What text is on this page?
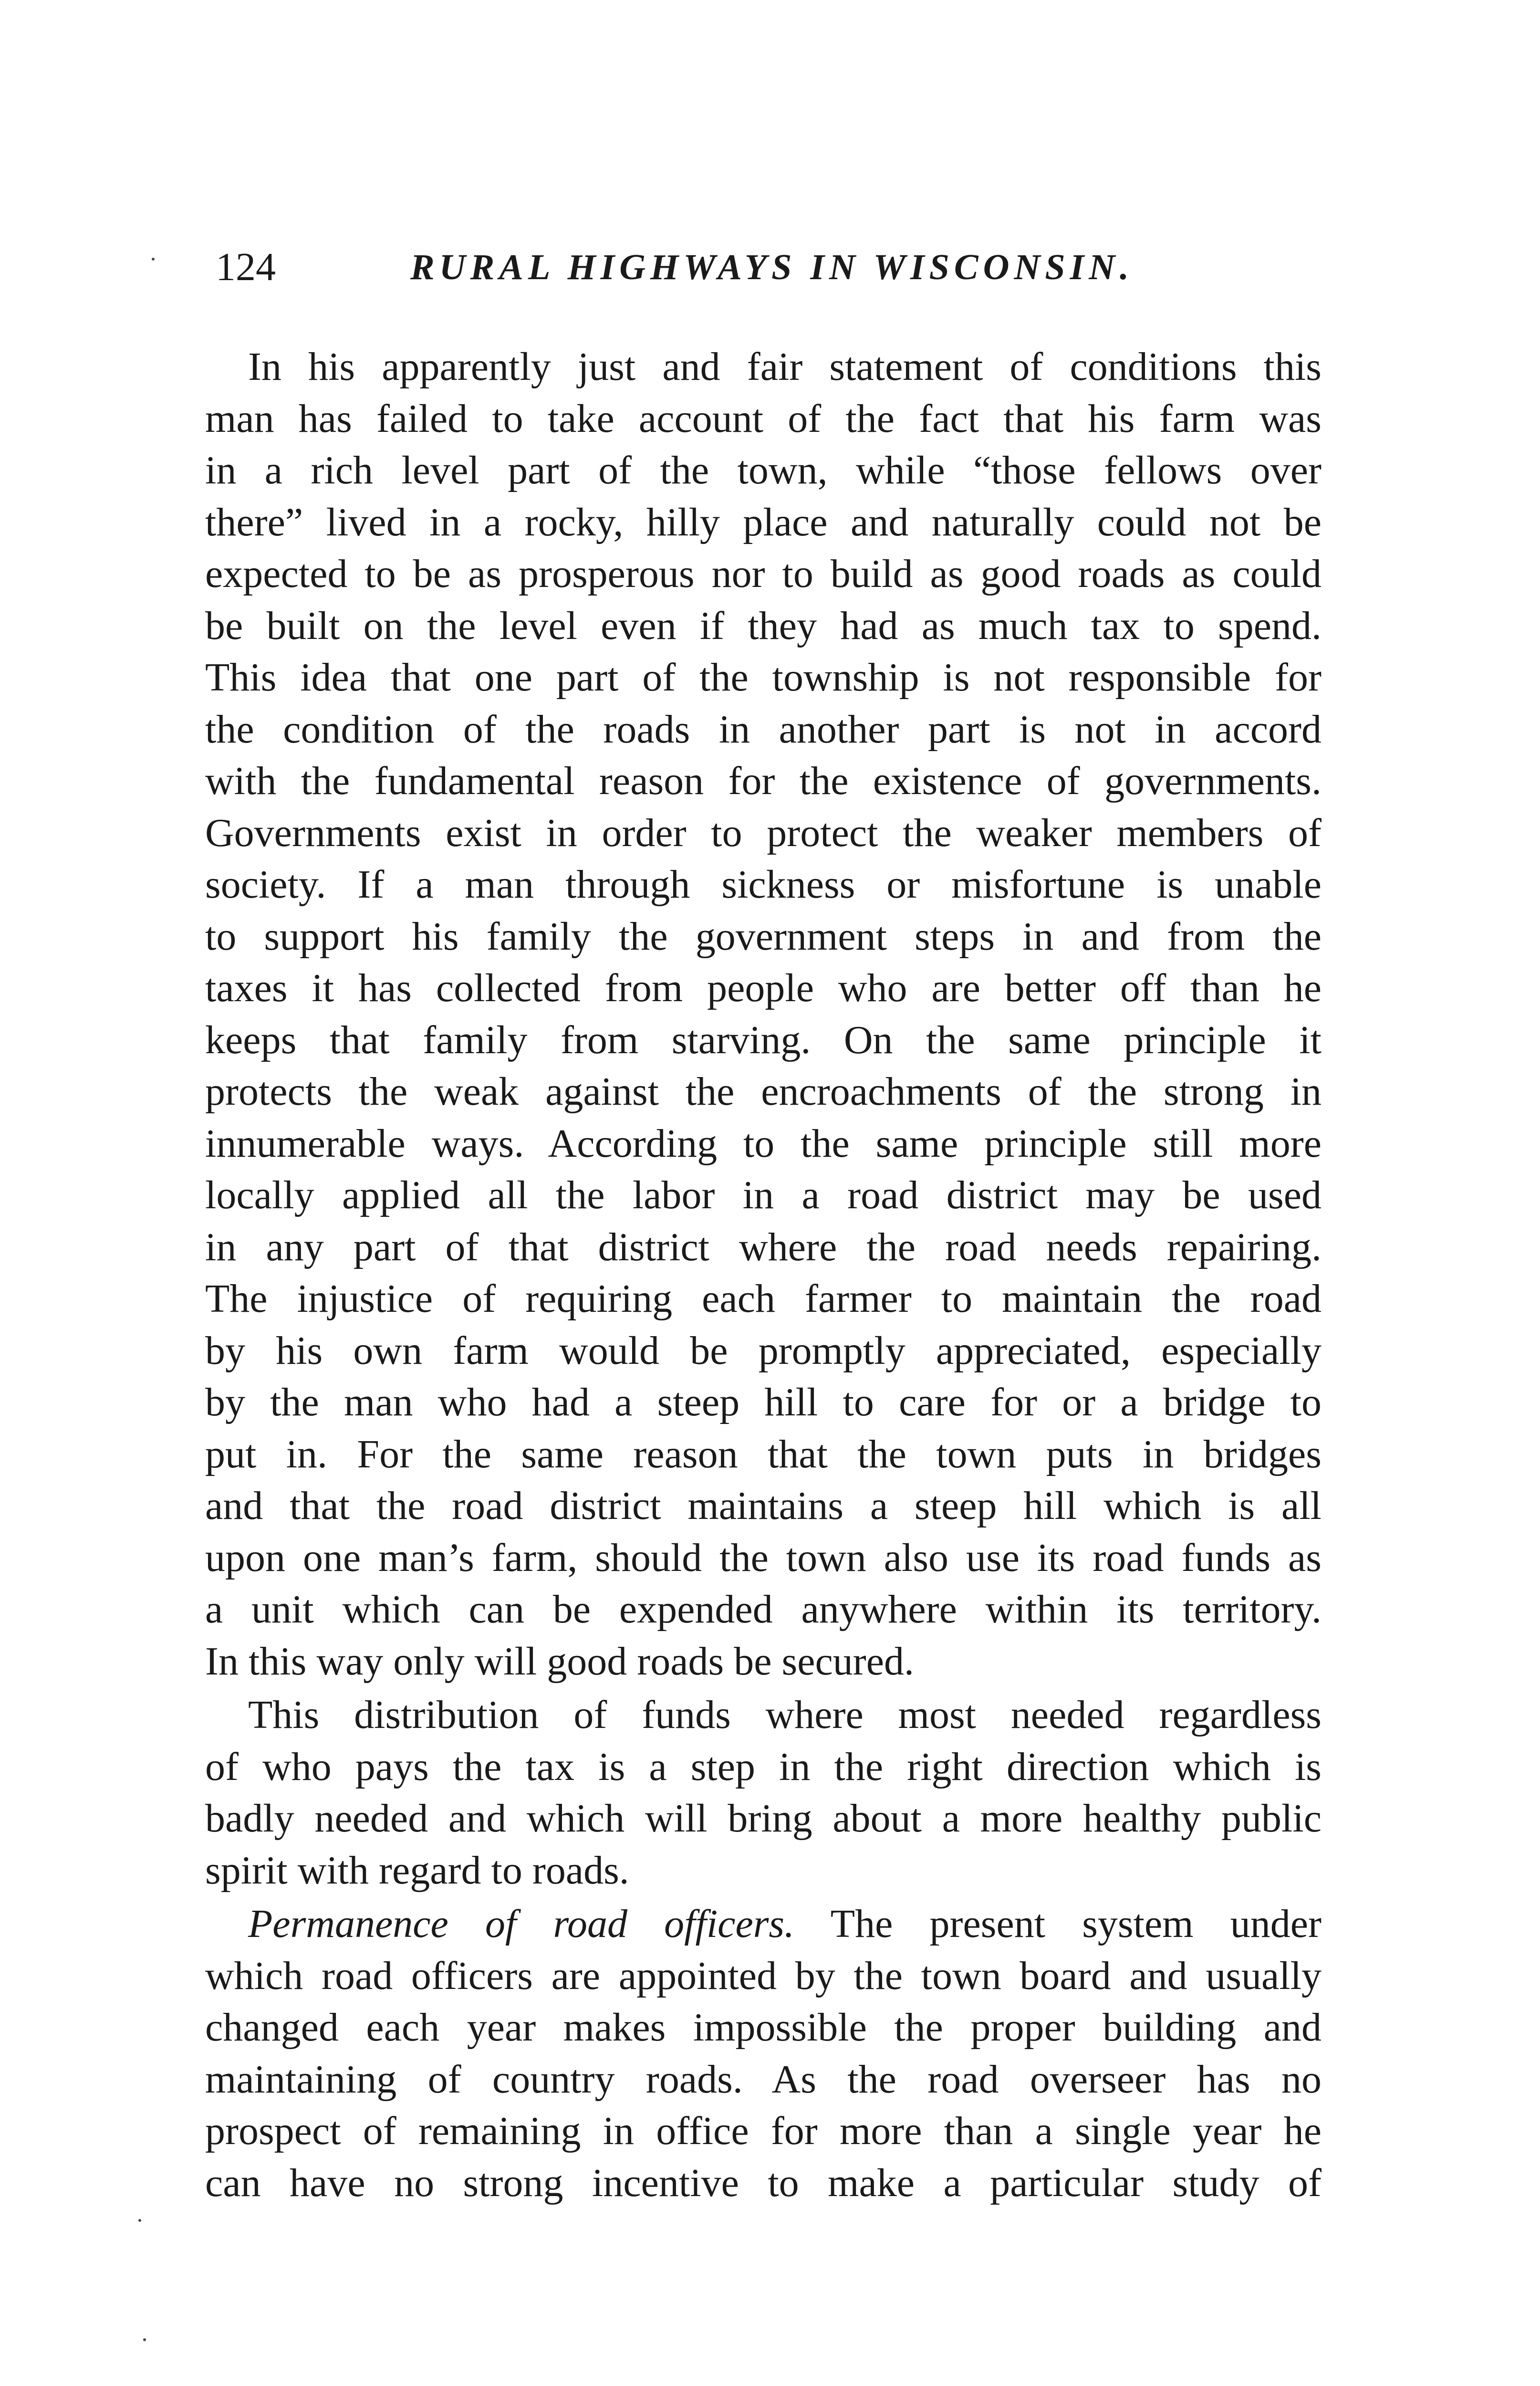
124	RURAL HIGHWAYS IN WISCONSIN.
In his apparently just and fair statement of conditions this
man has failed to take account of the fact that his farm was
in a rich level part of the town, while “those fellows over
there” lived in a rocky, hilly place and naturally could not be
expected to be as prosperous nor to build as good roads as could
be built on the level even if they had as much tax to spend.
This idea that one part of the township is not responsible for
the condition of the roads in another part is not in accord
with the fundamental reason for the existence of governments.
Governments exist in order to protect the weaker members of
society. If a man through sickness or misfortune is unable
to support his family the government steps in and from the
taxes it has collected from people who are better off than he
keeps that family from starving. On the same principle it
protects the weak against the encroachments of the strong in
innumerable ways. According to the same principle still more
locally applied all the labor in a road district may be used
in any part of that district where the road needs repairing.
The injustice of requiring each farmer to maintain the road
by his own farm would be promptly appreciated, especially
by the man who had a steep hill to care for or a bridge to
put in. For the same reason that the town puts in bridges
and that the road district maintains a steep hill which is all
upon one man’s farm, should the town also use its road funds as
a unit which can be expended anywhere within its territory.
In this way only will good roads be secured.
This distribution of funds where most needed regardless
of who pays the tax is a step in the right direction which is
badly needed and which will bring about a more healthy public
spirit with regard to roads.
Permanence of road officers. The present system under
which road officers are appointed by the town board and usually
changed each year makes impossible the proper building and
maintaining of country roads. As the road overseer has no
prospect of remaining in office for more than a single year he
can have no strong incentive to make a particular study of
